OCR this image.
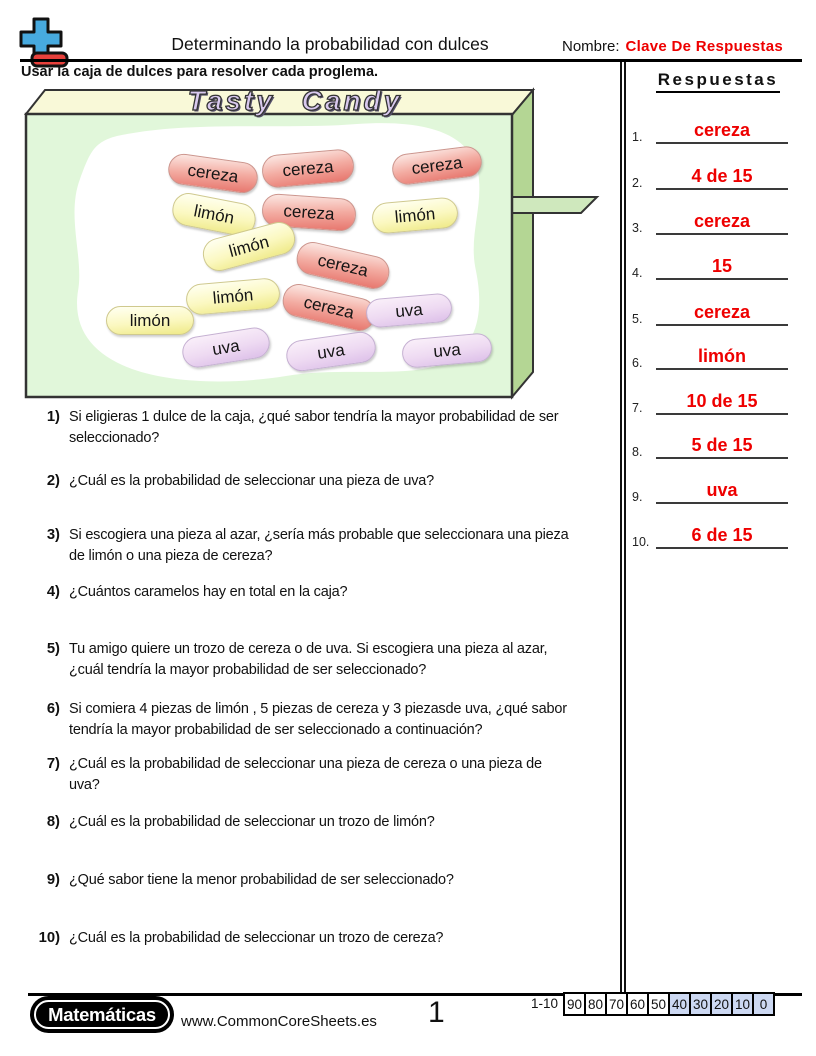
Determinando la probabilidad con dulces	Nombre: Clave De Respuestas
Usar la caja de dulces para resolver cada proglema.
Tasty Candy
cereza	cereza	cereza
limón	cereza	limón
limón
cereza
limón	cereza	uva
limón
uva	uva	uva
1) Si eligieras 1 dulce de la caja, ¿qué sabor tendría la mayor probabilidad de ser
seleccionado?
2) ¿Cuál es la probabilidad de seleccionar una pieza de uva?
3) Si escogiera una pieza al azar, ¿sería más probable que seleccionara una pieza
de limón o una pieza de cereza?
4) ¿Cuántos caramelos hay en total en la caja?
5) Tu amigo quiere un trozo de cereza o de uva. Si escogiera una pieza al azar,
¿cuál tendría la mayor probabilidad de ser seleccionado?
6) Si comiera 4 piezas de limón , 5 piezas de cereza y 3 piezasde uva, ¿qué sabor
tendría la mayor probabilidad de ser seleccionado a continuación?
7) ¿Cuál es la probabilidad de seleccionar una pieza de cereza o una pieza de
uva?
8) ¿Cuál es la probabilidad de seleccionar un trozo de limón?
9) ¿Qué sabor tiene la menor probabilidad de ser seleccionado?
10) ¿Cuál es la probabilidad de seleccionar un trozo de cereza?
Respuestas
1.	cereza
2.	4 de 15
3.	cereza
4.	15
5.	cereza
6.	limón
7.	10 de 15
8.	5 de 15
9.	uva
10.	6 de 15
Matemáticas www.CommonCoreSheets.es 1	1-10 90 80 70 60 50 40 30 20 10 0
